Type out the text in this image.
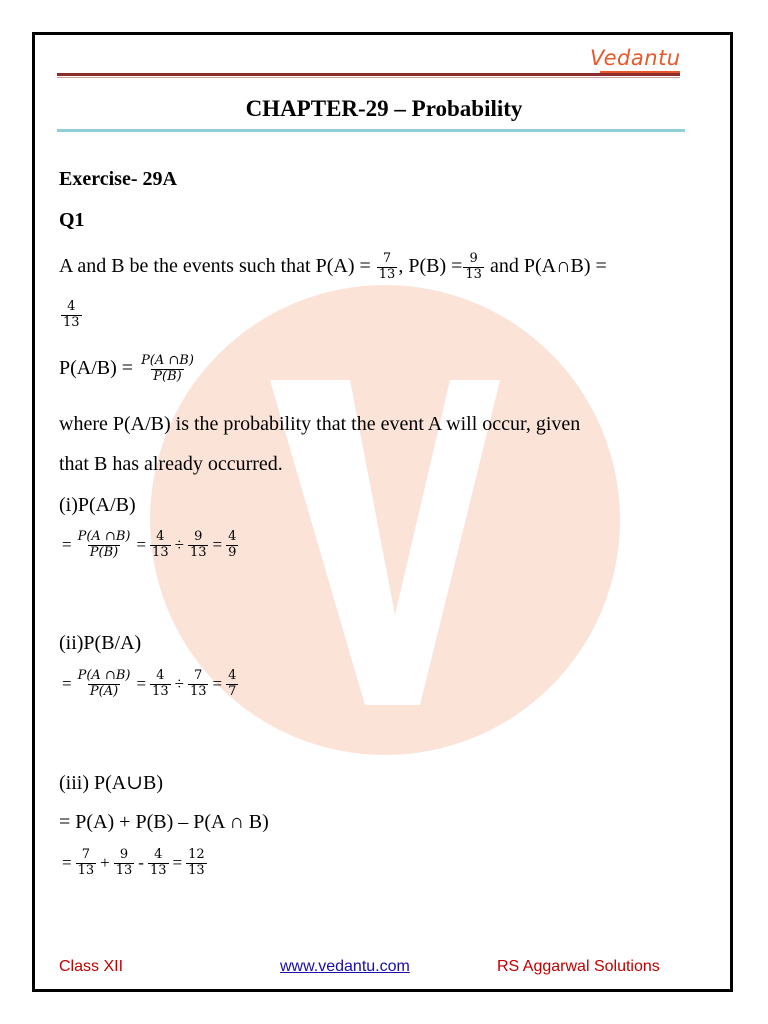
Vedantu
CHAPTER-29 – Probability
Exercise- 29A
Q1
A and B be the events such that $P(A) = \frac{7}{13}$ , $P(B) = \frac{9}{13}$ and P(A∩B) =
$\frac{4}{13}$
$P(A/B) = \frac{P(A \cap B)}{P(B)}$
where P(A/B) is the probability that the event A will occur, given
that B has already occurred.
(i)P(A/B)
= $\frac{P(A \cap B)}{P(B)} = \frac{4}{13} \div \frac{9}{13} = \frac{4}{9}$
(ii)P(B/A)
= $\frac{P(A \cap B)}{P(A)} = \frac{4}{13} \div \frac{7}{13} = \frac{4}{7}$
(iii) P(A∪B)
= P(A) + P(B) – P(A ∩ B)
= $\frac{7}{13} + \frac{9}{13} - \frac{4}{13} = \frac{12}{13}$
Class XII	www.vedantu.com	RS Aggarwal Solutions
